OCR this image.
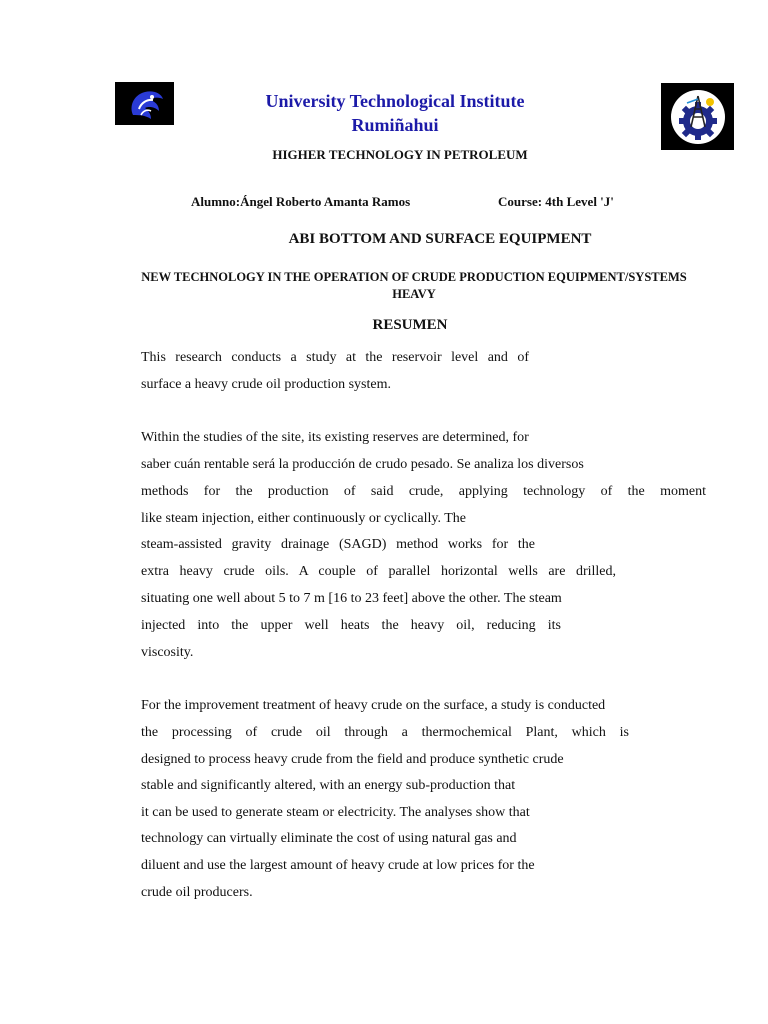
University Technological Institute
Rumiñahui
HIGHER TECHNOLOGY IN PETROLEUM
Alumno:Ángel Roberto Amanta Ramos	Course: 4th Level 'J'
ABI BOTTOM AND SURFACE EQUIPMENT
NEW TECHNOLOGY IN THE OPERATION OF CRUDE PRODUCTION EQUIPMENT/SYSTEMS
HEAVY
RESUMEN
This research conducts a study at the reservoir level and of
surface a heavy crude oil production system.
Within the studies of the site, its existing reserves are determined, for
saber cuán rentable será la producción de crudo pesado. Se analiza los diversos
methods for the production of said crude, applying technology of the moment
like steam injection, either continuously or cyclically. The
steam-assisted gravity drainage (SAGD) method works for the
extra heavy crude oils. A couple of parallel horizontal wells are drilled,
situating one well about 5 to 7 m [16 to 23 feet] above the other. The steam
injected into the upper well heats the heavy oil, reducing its
viscosity.
For the improvement treatment of heavy crude on the surface, a study is conducted
the processing of crude oil through a thermochemical Plant, which is
designed to process heavy crude from the field and produce synthetic crude
stable and significantly altered, with an energy sub-production that
it can be used to generate steam or electricity. The analyses show that
technology can virtually eliminate the cost of using natural gas and
diluent and use the largest amount of heavy crude at low prices for the
crude oil producers.
